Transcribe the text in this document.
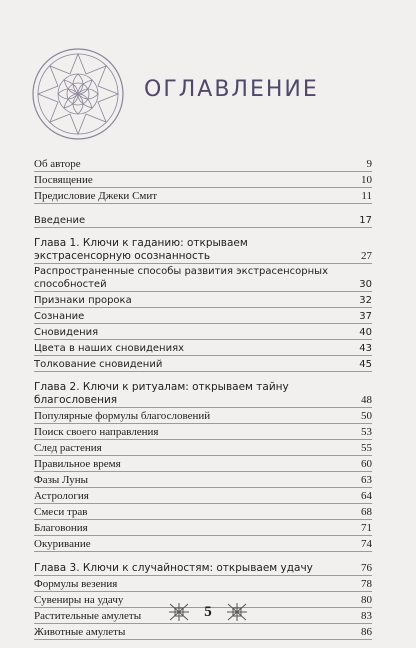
ОГЛАВЛЕНИЕ
Об авторе	9
Посвящение	10
Предисловие Джеки Смит	11
Введение	17
Глава 1. Ключи к гаданию: открываем экстрасенсорную осознанность	27
Распространенные способы развития экстрасенсорных способностей	30
Признаки пророка	32
Сознание	37
Сновидения	40
Цвета в наших сновидениях	43
Толкование сновидений	45
Глава 2. Ключи к ритуалам: открываем тайну благословения	48
Популярные формулы благословений	50
Поиск своего направления	53
След растения	55
Правильное время	60
Фазы Луны	63
Астрология	64
Смеси трав	68
Благовония	71
Окуривание	74
Глава 3. Ключи к случайностям: открываем удачу	76
Формулы везения	78
Сувениры на удачу	80
Растительные амулеты	83
Животные амулеты	86
5
